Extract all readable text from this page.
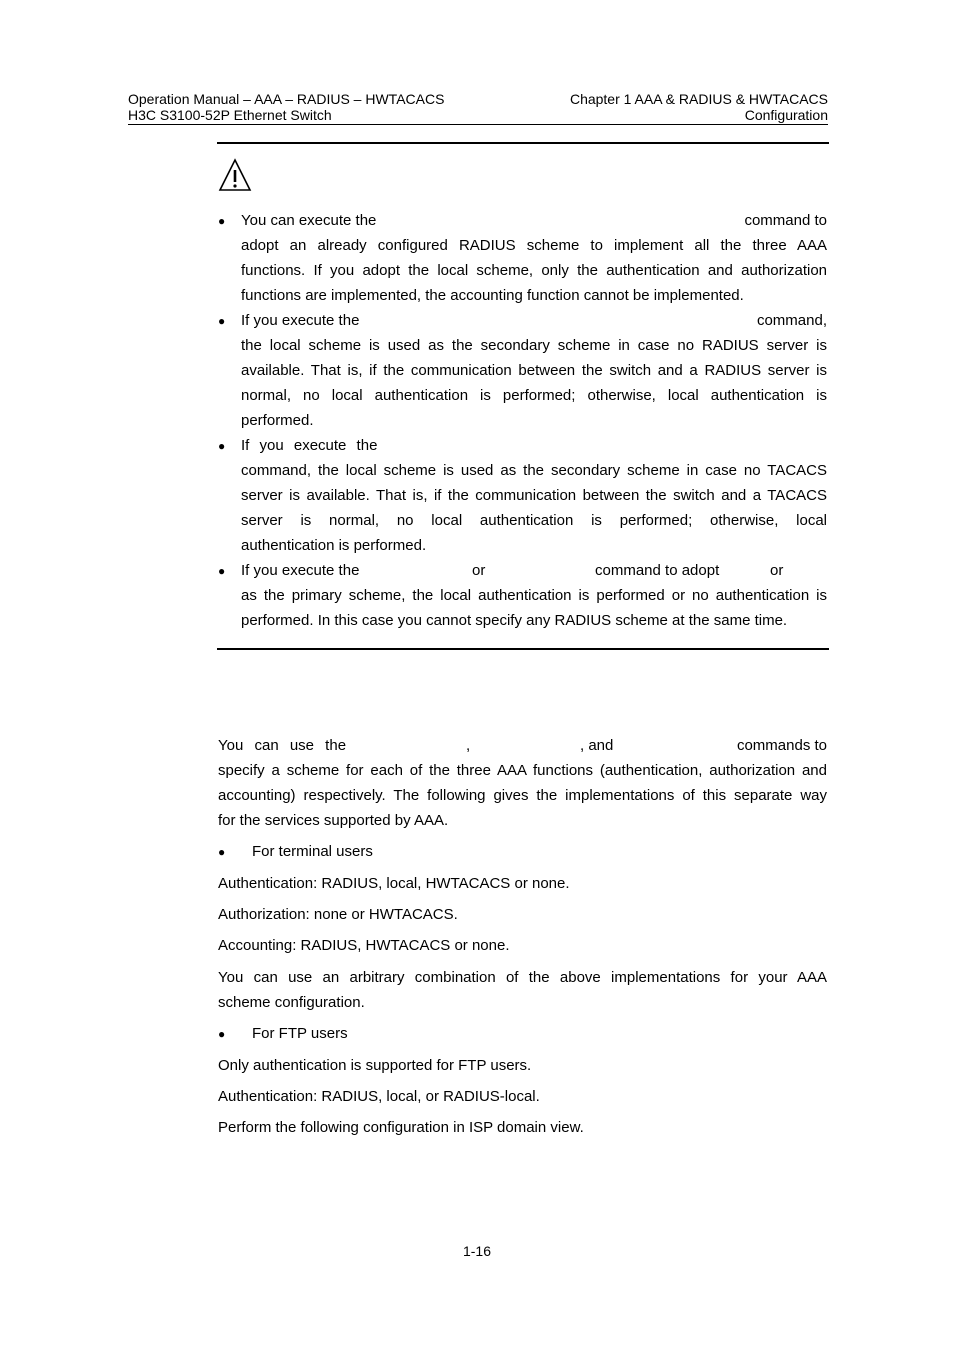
Operation Manual – AAA – RADIUS – HWTACACS
H3C S3100-52P Ethernet Switch
Chapter 1 AAA & RADIUS & HWTACACS
Configuration
● You can execute the	command to
adopt an already configured RADIUS scheme to implement all the three AAA
functions. If you adopt the local scheme, only the authentication and authorization
functions are implemented, the accounting function cannot be implemented.
● If you execute the	command,
the local scheme is used as the secondary scheme in case no RADIUS server is
available. That is, if the communication between the switch and a RADIUS server is
normal, no local authentication is performed; otherwise, local authentication is
performed.
● If you execute the
command, the local scheme is used as the secondary scheme in case no TACACS
server is available. That is, if the communication between the switch and a TACACS
server is normal, no local authentication is performed; otherwise, local
authentication is performed.
● If you execute the	or	command to adopt	or
as the primary scheme, the local authentication is performed or no authentication is
performed. In this case you cannot specify any RADIUS scheme at the same time.
You can use the	,	, and	commands to
specify a scheme for each of the three AAA functions (authentication, authorization and
accounting) respectively. The following gives the implementations of this separate way
for the services supported by AAA.
● For terminal users
Authentication: RADIUS, local, HWTACACS or none.
Authorization: none or HWTACACS.
Accounting: RADIUS, HWTACACS or none.
You can use an arbitrary combination of the above implementations for your AAA
scheme configuration.
● For FTP users
Only authentication is supported for FTP users.
Authentication: RADIUS, local, or RADIUS-local.
Perform the following configuration in ISP domain view.
1-16
